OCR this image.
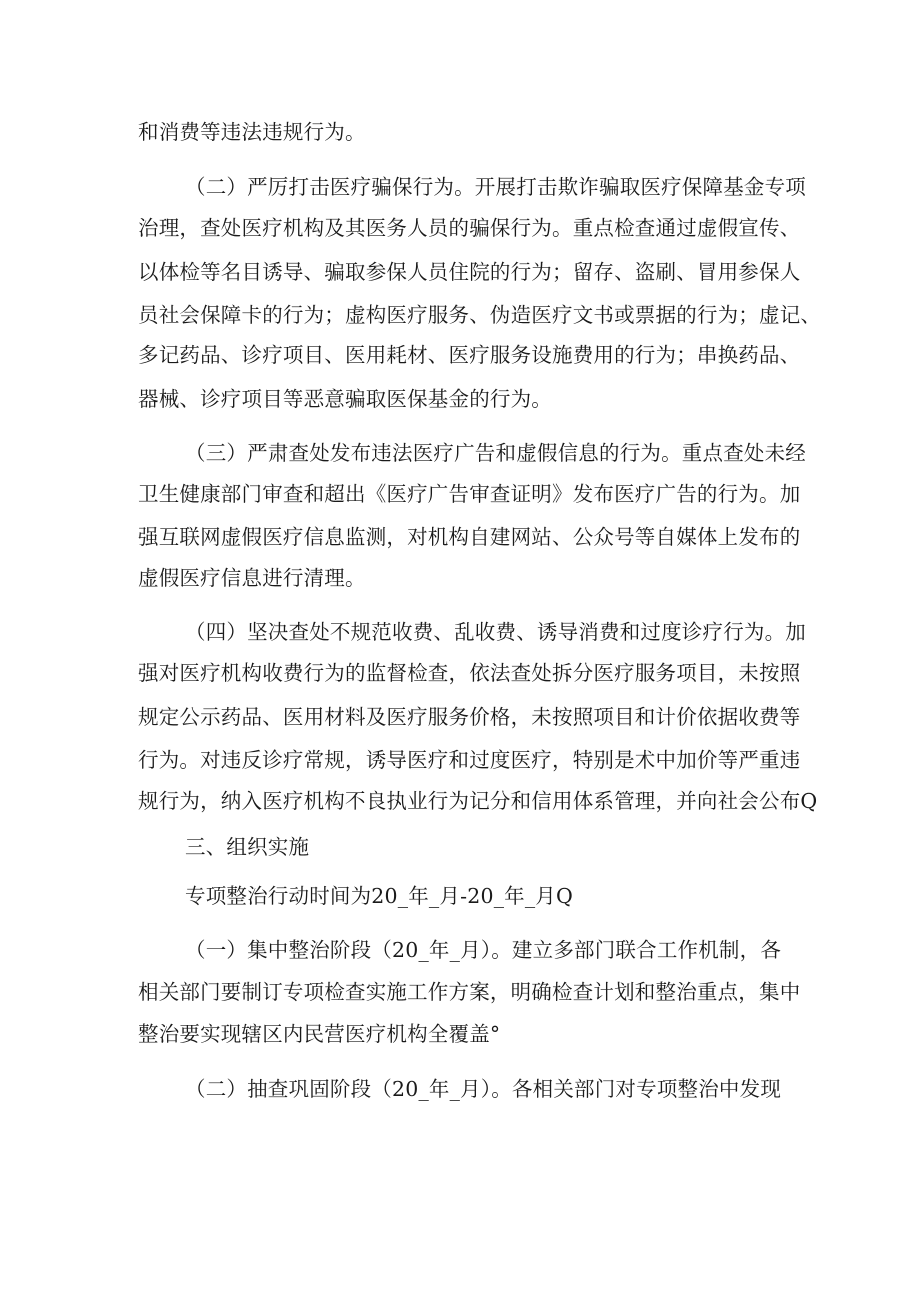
和消费等违法违规行为。
（二）严厉打击医疗骗保行为。开展打击欺诈骗取医疗保障基金专项
治理，查处医疗机构及其医务人员的骗保行为。重点检查通过虚假宣传、
以体检等名目诱导、骗取参保人员住院的行为；留存、盗刷、冒用参保人
员社会保障卡的行为；虚构医疗服务、伪造医疗文书或票据的行为；虚记、
多记药品、诊疗项目、医用耗材、医疗服务设施费用的行为；串换药品、
器械、诊疗项目等恶意骗取医保基金的行为。
（三）严肃查处发布违法医疗广告和虚假信息的行为。重点查处未经
卫生健康部门审查和超出《医疗广告审查证明》发布医疗广告的行为。加
强互联网虚假医疗信息监测，对机构自建网站、公众号等自媒体上发布的
虚假医疗信息进行清理。
（四）坚决查处不规范收费、乱收费、诱导消费和过度诊疗行为。加
强对医疗机构收费行为的监督检查，依法查处拆分医疗服务项目，未按照
规定公示药品、医用材料及医疗服务价格，未按照项目和计价依据收费等
行为。对违反诊疗常规，诱导医疗和过度医疗，特别是术中加价等严重违
规行为，纳入医疗机构不良执业行为记分和信用体系管理，并向社会公布Q
三、组织实施
专项整治行动时间为20_年_月-20_年_月Q
（一）集中整治阶段（20_年_月）。建立多部门联合工作机制，各
相关部门要制订专项检查实施工作方案，明确检查计划和整治重点，集中
整治要实现辖区内民营医疗机构全覆盖°
（二）抽查巩固阶段（20_年_月）。各相关部门对专项整治中发现
